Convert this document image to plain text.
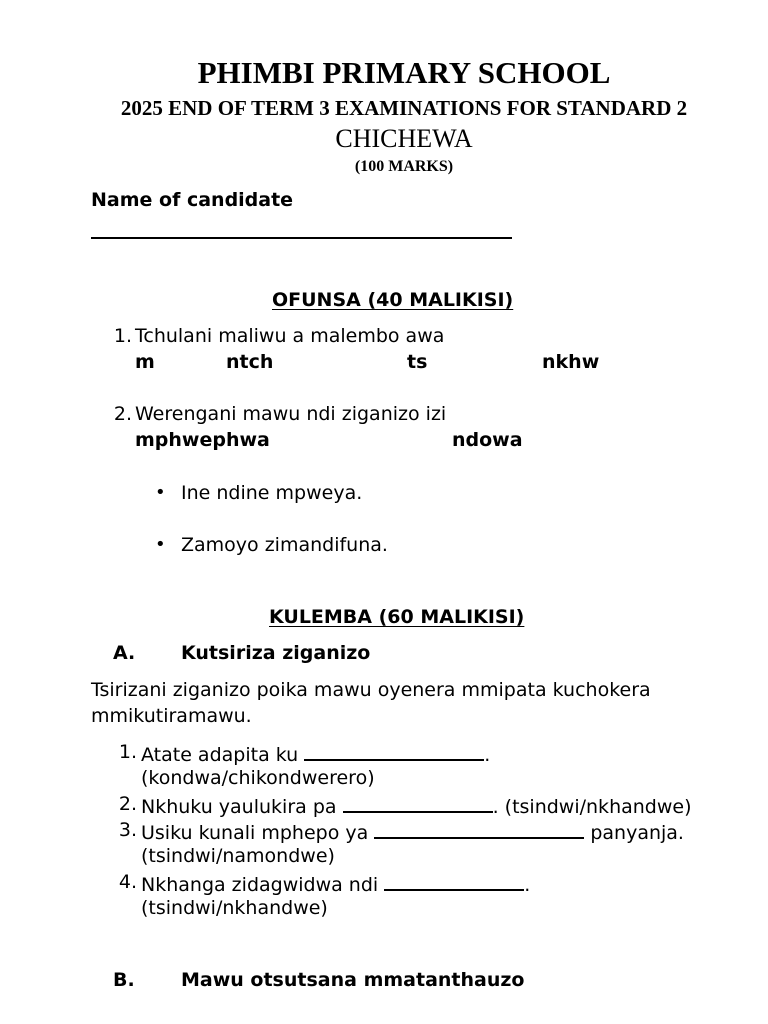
PHIMBI PRIMARY SCHOOL
2025 END OF TERM 3 EXAMINATIONS FOR STANDARD 2
CHICHEWA
(100 MARKS)
Name of candidate
OFUNSA (40 MALIKISI)
1. Tchulani maliwu a malembo awa
m	ntch	ts	nkhw
2. Werengani mawu ndi ziganizo izi
mphwephwa	ndowa
• Ine ndine mpweya.
• Zamoyo zimandifuna.
KULEMBA (60 MALIKISI)
A. Kutsiriza ziganizo
Tsirizani ziganizo poika mawu oyenera mmipata kuchokera
mmikutiramawu.
1. Atate adapita ku	.
(kondwa/chikondwerero)
2. Nkhuku yaulukira pa	. (tsindwi/nkhandwe)
3. Usiku kunali mphepo ya	panyanja.
(tsindwi/namondwe)
4. Nkhanga zidagwidwa ndi	.
(tsindwi/nkhandwe)
B. Mawu otsutsana mmatanthauzo
